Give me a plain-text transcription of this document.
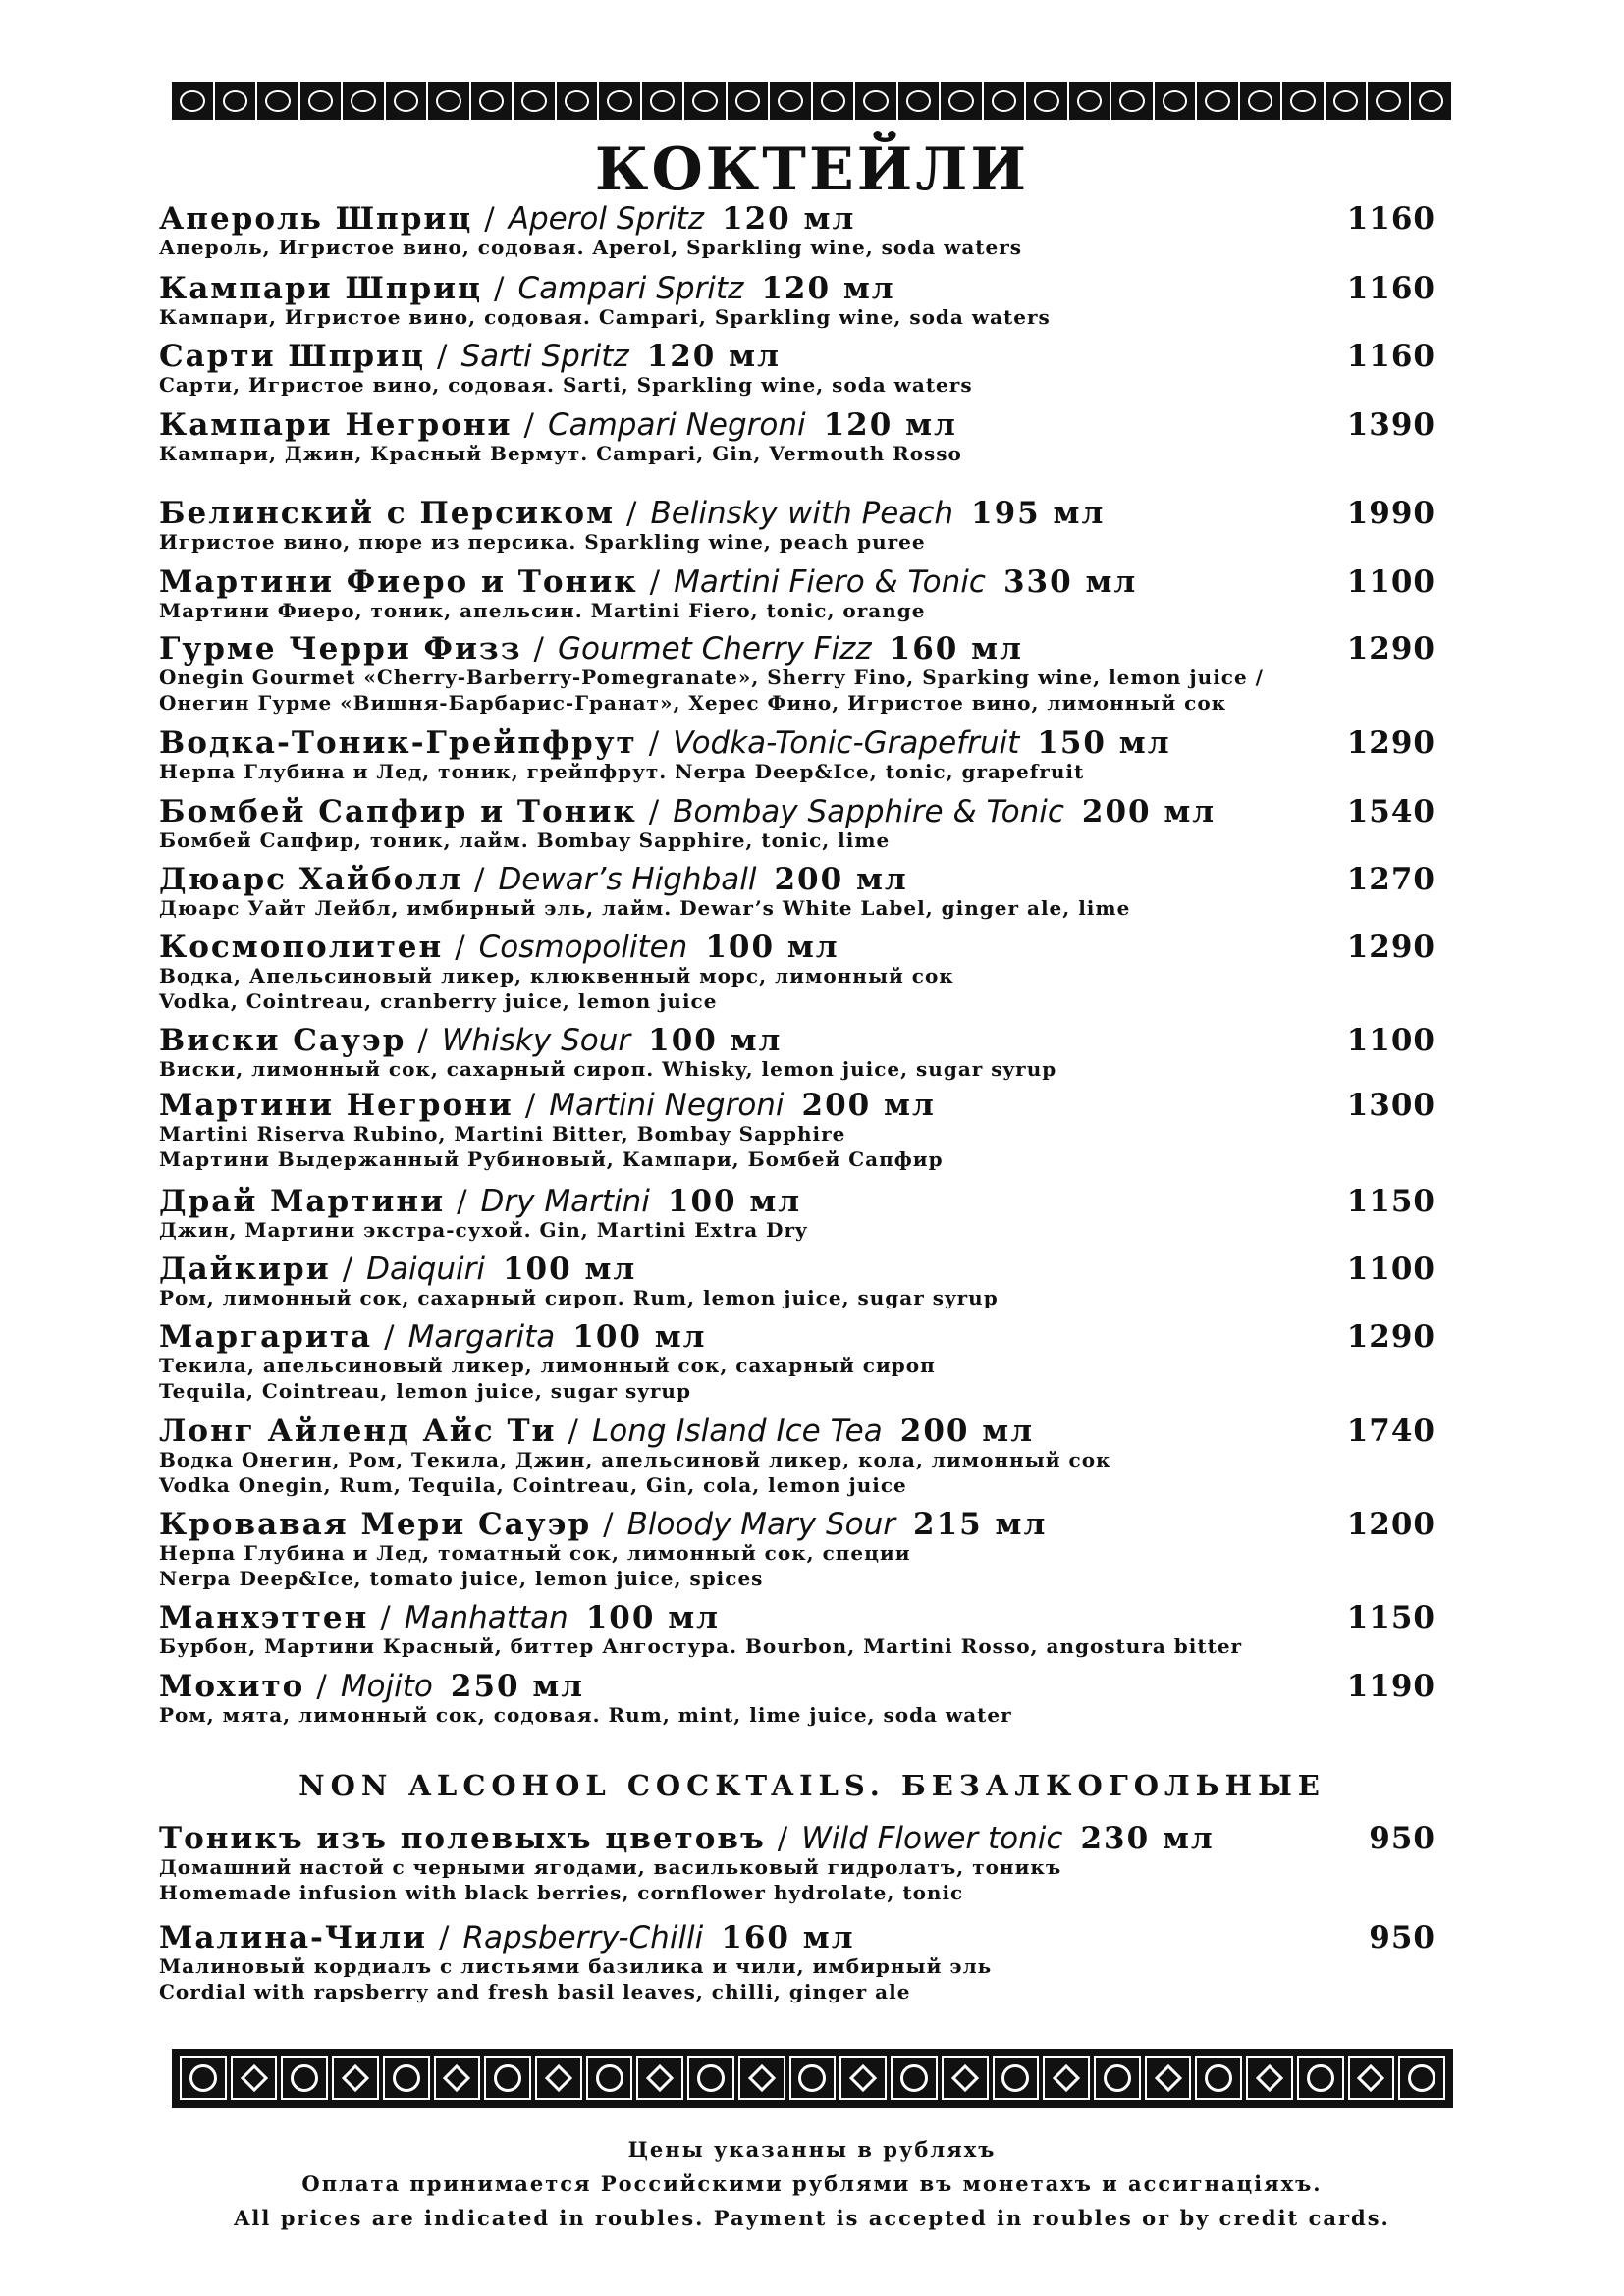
КОКТЕЙЛИ
Апероль Шприц / Aperol Spritz 120 мл	1160
Апероль, Игристое вино, содовая. Aperol, Sparkling wine, soda waters
Кампари Шприц / Campari Spritz 120 мл	1160
Кампари, Игристое вино, содовая. Campari, Sparkling wine, soda waters
Сарти Шприц / Sarti Spritz 120 мл	1160
Сарти, Игристое вино, содовая. Sarti, Sparkling wine, soda waters
Кампари Негрони / Campari Negroni 120 мл	1390
Кампари, Джин, Красный Вермут. Campari, Gin, Vermouth Rosso
Белинский с Персиком / Belinsky with Peach 195 мл	1990
Игристое вино, пюре из персика. Sparkling wine, peach puree
Мартини Фиеро и Тоник / Martini Fiero & Tonic 330 мл	1100
Мартини Фиеро, тоник, апельсин. Martini Fiero, tonic, orange
Гурме Черри Физз / Gourmet Cherry Fizz 160 мл	1290
Onegin Gourmet «Cherry-Barberry-Pomegranate», Sherry Fino, Sparking wine, lemon juice /
Онегин Гурме «Вишня-Барбарис-Гранат», Херес Фино, Игристое вино, лимонный сок
Водка-Тоник-Грейпфрут / Vodka-Tonic-Grapefruit 150 мл	1290
Нерпа Глубина и Лед, тоник, грейпфрут. Nerpa Deep&Ice, tonic, grapefruit
Бомбей Сапфир и Тоник / Bombay Sapphire & Tonic 200 мл	1540
Бомбей Сапфир, тоник, лайм. Bombay Sapphire, tonic, lime
Дюарс Хайболл / Dewar’s Highball 200 мл	1270
Дюарс Уайт Лейбл, имбирный эль, лайм. Dewar’s White Label, ginger ale, lime
Космополитен / Cosmopoliten 100 мл	1290
Водка, Апельсиновый ликер, клюквенный морс, лимонный сок
Vodka, Cointreau, cranberry juice, lemon juice
Виски Сауэр / Whisky Sour 100 мл	1100
Виски, лимонный сок, сахарный сироп. Whisky, lemon juice, sugar syrup
Мартини Негрони / Martini Negroni 200 мл	1300
Martini Riserva Rubino, Martini Bitter, Bombay Sapphire
Мартини Выдержанный Рубиновый, Кампари, Бомбей Сапфир
Драй Мартини / Dry Martini 100 мл	1150
Джин, Мартини экстра-сухой. Gin, Martini Extra Dry
Дайкири / Daiquiri 100 мл	1100
Ром, лимонный сок, сахарный сироп. Rum, lemon juice, sugar syrup
Маргарита / Margarita 100 мл	1290
Текила, апельсиновый ликер, лимонный сок, сахарный сироп
Tequila, Cointreau, lemon juice, sugar syrup
Лонг Айленд Айс Ти / Long Island Ice Tea 200 мл	1740
Водка Онегин, Ром, Текила, Джин, апельсиновй ликер, кола, лимонный сок
Vodka Onegin, Rum, Tequila, Cointreau, Gin, cola, lemon juice
Кровавая Мери Сауэр / Bloody Mary Sour 215 мл	1200
Нерпа Глубина и Лед, томатный сок, лимонный сок, специи
Nerpa Deep&Ice, tomato juice, lemon juice, spices
Манхэттен / Manhattan 100 мл	1150
Бурбон, Мартини Красный, биттер Ангостура. Bourbon, Martini Rosso, angostura bitter
Мохито / Mojito 250 мл	1190
Ром, мята, лимонный сок, содовая. Rum, mint, lime juice, soda water
NON ALCOHOL COCKTAILS. БЕЗАЛКОГОЛЬНЫЕ
Тоникъ изъ полевыхъ цветовъ / Wild Flower tonic 230 мл	950
Домашний настой с черными ягодами, васильковый гидролатъ, тоникъ
Homemade infusion with black berries, cornflower hydrolate, tonic
Малина-Чили / Rapsberry-Chilli 160 мл	950
Малиновый кордиалъ с листьями базилика и чили, имбирный эль
Cordial with rapsberry and fresh basil leaves, chilli, ginger ale
Цены указанны в рубляхъ
Оплата принимается Российскими рублями въ монетахъ и ассигнацiяхъ.
All prices are indicated in roubles. Payment is accepted in roubles or by credit cards.
